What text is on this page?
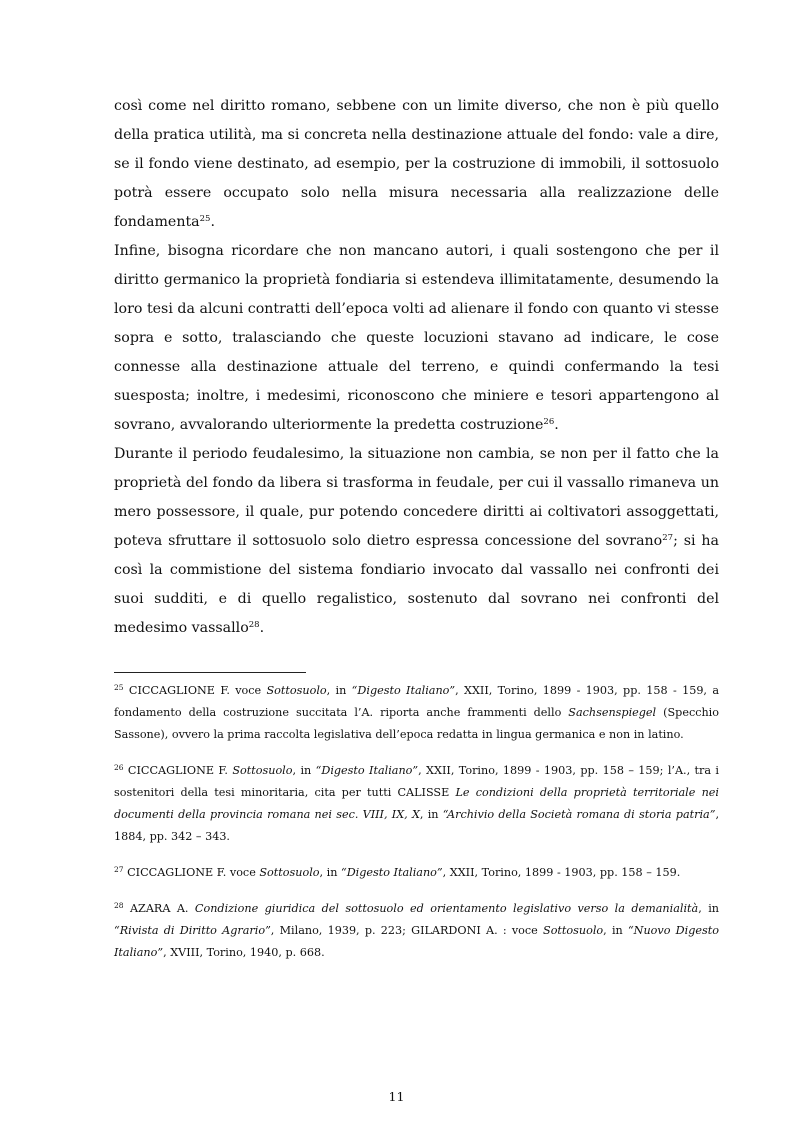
così come nel diritto romano, sebbene con un limite diverso, che non è più quello della pratica utilità, ma si concreta nella destinazione attuale del fondo: vale a dire, se il fondo viene destinato, ad esempio, per la costruzione di immobili, il sottosuolo potrà essere occupato solo nella misura necessaria alla realizzazione delle fondamenta$^{25}$.

Infine, bisogna ricordare che non mancano autori, i quali sostengono che per il diritto germanico la proprietà fondiaria si estendeva illimitatamente, desumendo la loro tesi da alcuni contratti dell’epoca volti ad alienare il fondo con quanto vi stesse sopra e sotto, tralasciando che queste locuzioni stavano ad indicare, le cose connesse alla destinazione attuale del terreno, e quindi confermando la tesi suesposta; inoltre, i medesimi, riconoscono che miniere e tesori appartengono al sovrano, avvalorando ulteriormente la predetta costruzione$^{26}$.

Durante il periodo feudalesimo, la situazione non cambia, se non per il fatto che la proprietà del fondo da libera si trasforma in feudale, per cui il vassallo rimaneva un mero possessore, il quale, pur potendo concedere diritti ai coltivatori assoggettati, poteva sfruttare il sottosuolo solo dietro espressa concessione del sovrano$^{27}$; si ha così la commistione del sistema fondiario invocato dal vassallo nei confronti dei suoi sudditi, e di quello regalistico, sostenuto dal sovrano nei confronti del medesimo vassallo$^{28}$.

$^{25}$ CICCAGLIONE F. voce Sottosuolo, in “Digesto Italiano”, XXII, Torino, 1899 - 1903, pp. 158 - 159, a fondamento della costruzione succitata l’A. riporta anche frammenti dello Sachsenspiegel (Specchio Sassone), ovvero la prima raccolta legislativa dell’epoca redatta in lingua germanica e non in latino.

$^{26}$ CICCAGLIONE F. Sottosuolo, in “Digesto Italiano”, XXII, Torino, 1899 - 1903, pp. 158 – 159; l’A., tra i sostenitori della tesi minoritaria, cita per tutti CALISSE Le condizioni della proprietà territoriale nei documenti della provincia romana nei sec. VIII, IX, X, in “Archivio della Società romana di storia patria”, 1884, pp. 342 – 343.

$^{27}$ CICCAGLIONE F. voce Sottosuolo, in “Digesto Italiano”, XXII, Torino, 1899 - 1903, pp. 158 – 159.

$^{28}$ AZARA A. Condizione giuridica del sottosuolo ed orientamento legislativo verso la demanialità, in “Rivista di Diritto Agrario”, Milano, 1939, p. 223; GILARDONI A. : voce Sottosuolo, in “Nuovo Digesto Italiano”, XVIII, Torino, 1940, p. 668.

11
